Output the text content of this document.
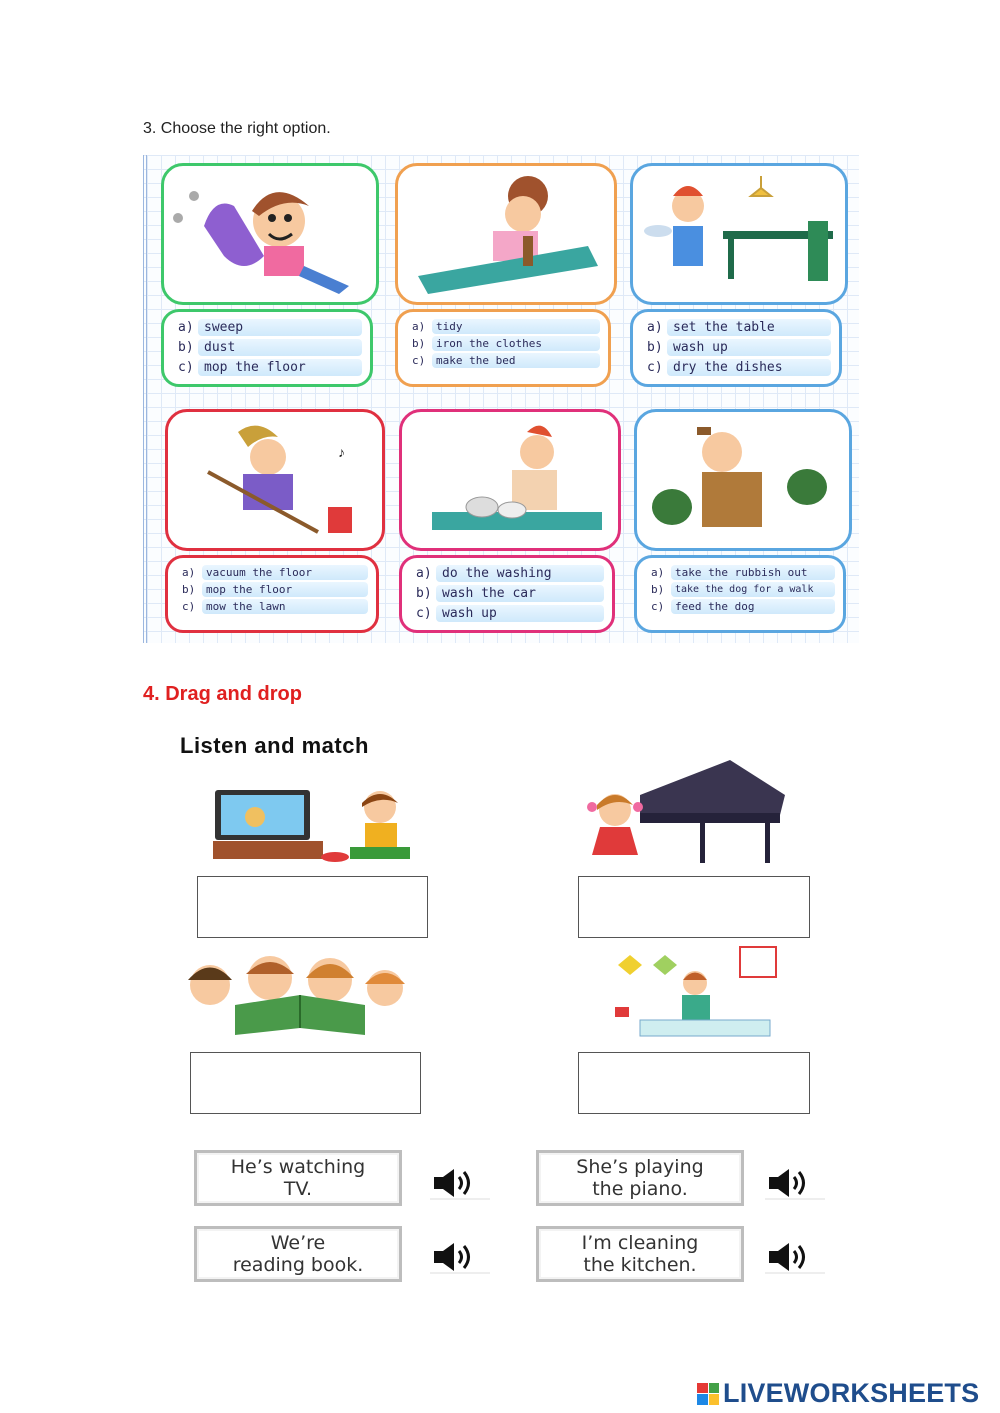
3. Choose the right option.
a) sweep
b) dust
c) mop the floor
a) tidy
b) iron the clothes
c) make the bed
a) set the table
b) wash up
c) dry the dishes
♪
a) vacuum the floor
b) mop the floor
c) mow the lawn
a) do the washing
b) wash the car
c) wash up
a) take the rubbish out
b)	take the dog for a walk
c) feed the dog
4. Drag and drop
Listen and match
He’s watching
TV.
She’s playing
the piano.
We’re
reading book.
I’m cleaning
the kitchen.
LIVEWORKSHEETS
